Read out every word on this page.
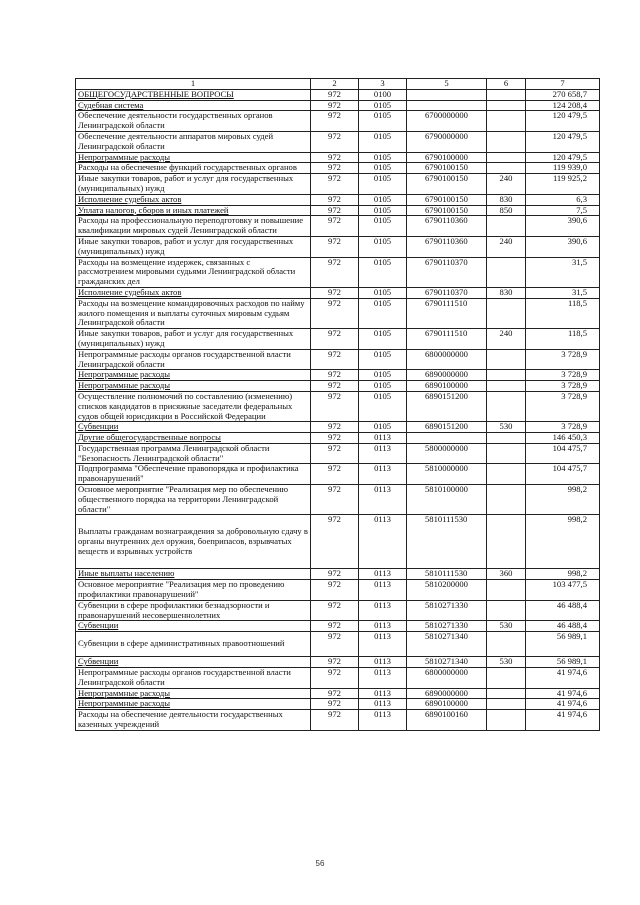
1	2	3	5	6	7
ОБЩЕГОСУДАРСТВЕННЫЕ ВОПРОСЫ	972	0100			270 658,7
Судебная система	972	0105			124 208,4
Обеспечение деятельности государственных органов Ленинградской области	972	0105	6700000000		120 479,5
Обеспечение деятельности аппаратов мировых судей Ленинградской области	972	0105	6790000000		120 479,5
Непрограммные расходы	972	0105	6790100000		120 479,5
Расходы на обеспечение функций государственных органов	972	0105	6790100150		119 939,0
Иные закупки товаров, работ и услуг для государственных (муниципальных) нужд	972	0105	6790100150	240	119 925,2
Исполнение судебных актов	972	0105	6790100150	830	6,3
Уплата налогов, сборов и иных платежей	972	0105	6790100150	850	7,5
Расходы на профессиональную переподготовку и повышение квалификации мировых судей Ленинградской области	972	0105	6790110360		390,6
Иные закупки товаров, работ и услуг для государственных (муниципальных) нужд	972	0105	6790110360	240	390,6
Расходы на возмещение издержек, связанных с рассмотрением мировыми судьями Ленинградской области гражданских дел	972	0105	6790110370		31,5
Исполнение судебных актов	972	0105	6790110370	830	31,5
Расходы на возмещение командировочных расходов по найму жилого помещения и выплаты суточных мировым судьям Ленинградской области	972	0105	6790111510		118,5
Иные закупки товаров, работ и услуг для государственных (муниципальных) нужд	972	0105	6790111510	240	118,5
Непрограммные расходы органов государственной власти Ленинградской области	972	0105	6800000000		3 728,9
Непрограммные расходы	972	0105	6890000000		3 728,9
Непрограммные расходы	972	0105	6890100000		3 728,9
Осуществление полномочий по составлению (изменению) списков кандидатов в присяжные заседатели федеральных судов общей юрисдикции в Российской Федерации	972	0105	6890151200		3 728,9
Субвенции	972	0105	6890151200	530	3 728,9
Другие общегосударственные вопросы	972	0113			146 450,3
Государственная программа Ленинградской области "Безопасность Ленинградской области"	972	0113	5800000000		104 475,7
Подпрограмма "Обеспечение правопорядка и профилактика правонарушений"	972	0113	5810000000		104 475,7
Основное мероприятие "Реализация мер по обеспечению общественного порядка на территории Ленинградской области"	972	0113	5810100000		998,2
Выплаты гражданам вознаграждения за добровольную сдачу в органы внутренних дел оружия, боеприпасов, взрывчатых веществ и взрывных устройств	972	0113	5810111530		998,2
Иные выплаты населению	972	0113	5810111530	360	998,2
Основное мероприятие "Реализация мер по проведению профилактики правонарушений"	972	0113	5810200000		103 477,5
Субвенции в сфере профилактики безнадзорности и правонарушений несовершеннолетних	972	0113	5810271330		46 488,4
Субвенции	972	0113	5810271330	530	46 488,4
Субвенции в сфере административных правоотношений	972	0113	5810271340		56 989,1
Субвенции	972	0113	5810271340	530	56 989,1
Непрограммные расходы органов государственной власти Ленинградской области	972	0113	6800000000		41 974,6
Непрограммные расходы	972	0113	6890000000		41 974,6
Непрограммные расходы	972	0113	6890100000		41 974,6
Расходы на обеспечение деятельности государственных казенных учреждений	972	0113	6890100160		41 974,6
56
